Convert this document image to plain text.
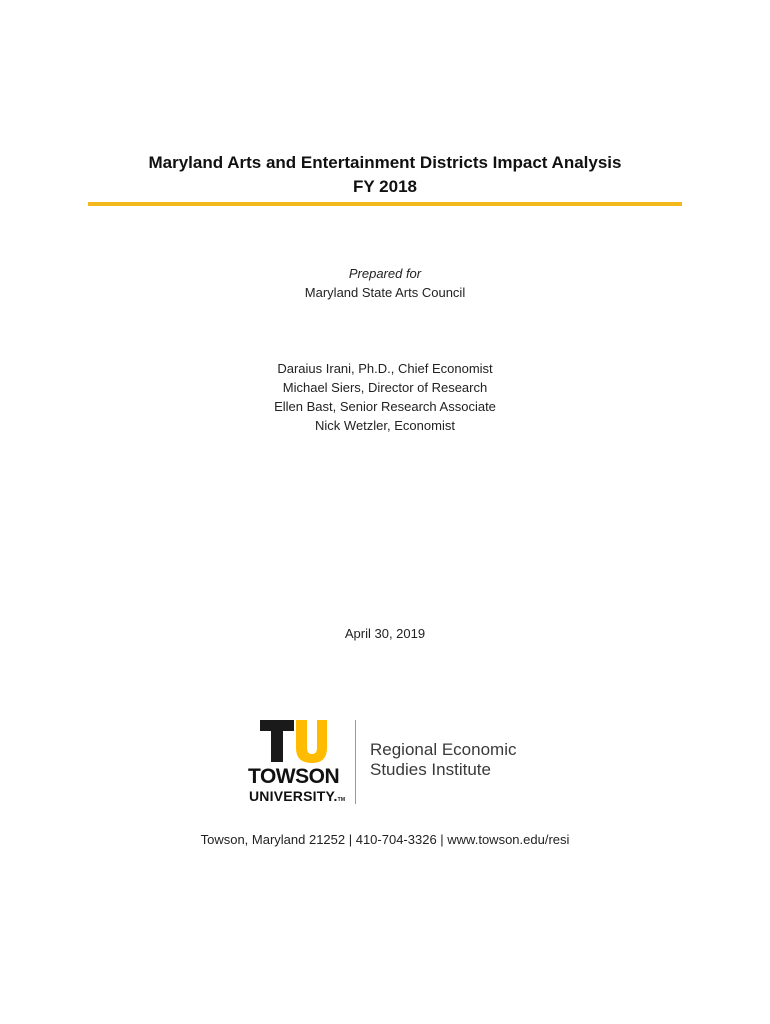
Maryland Arts and Entertainment Districts Impact Analysis
FY 2018
Prepared for
Maryland State Arts Council
Daraius Irani, Ph.D., Chief Economist
Michael Siers, Director of Research
Ellen Bast, Senior Research Associate
Nick Wetzler, Economist
April 30, 2019
TOWSON
UNIVERSITY.TM
Regional Economic
Studies Institute
Towson, Maryland 21252 | 410-704-3326 | www.towson.edu/resi
